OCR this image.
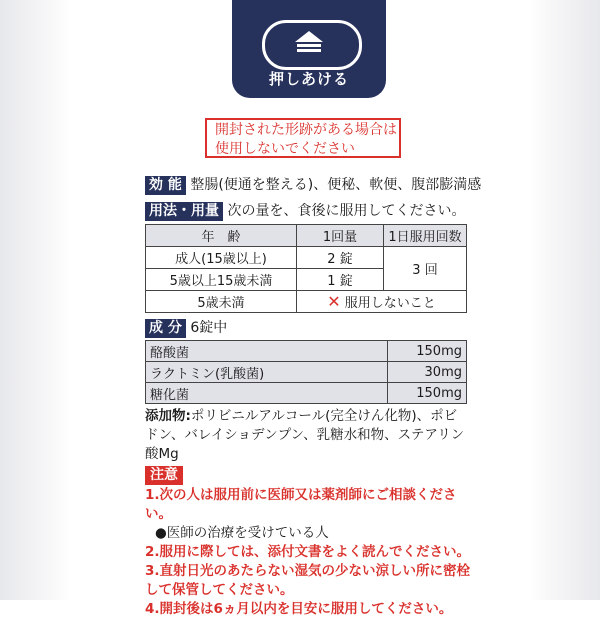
押しあける
開封された形跡がある場合は
使用しないでください
効 能 整腸(便通を整える)、便秘、軟便、腹部膨満感
用法・用量 次の量を、食後に服用してください。
年　齢	1回量	1日服用回数
成人(15歳以上)	2 錠	3 回
5歳以上15歳未満	1 錠	
5歳未満	✕ 服用しないこと	
成 分 6錠中
酪酸菌	150mg
ラクトミン(乳酸菌)	30mg
糖化菌	150mg
添加物:ポリビニルアルコール(完全けん化物)、ポビドン、バレイショデンプン、乳糖水和物、ステアリン酸Mg
注意

1.次の人は服用前に医師又は薬剤師にご相談ください。

●医師の治療を受けている人

2.服用に際しては、添付文書をよく読んでください。

3.直射日光のあたらない湿気の少ない涼しい所に密栓して保管してください。

4.開封後は6ヵ月以内を目安に服用してください。
